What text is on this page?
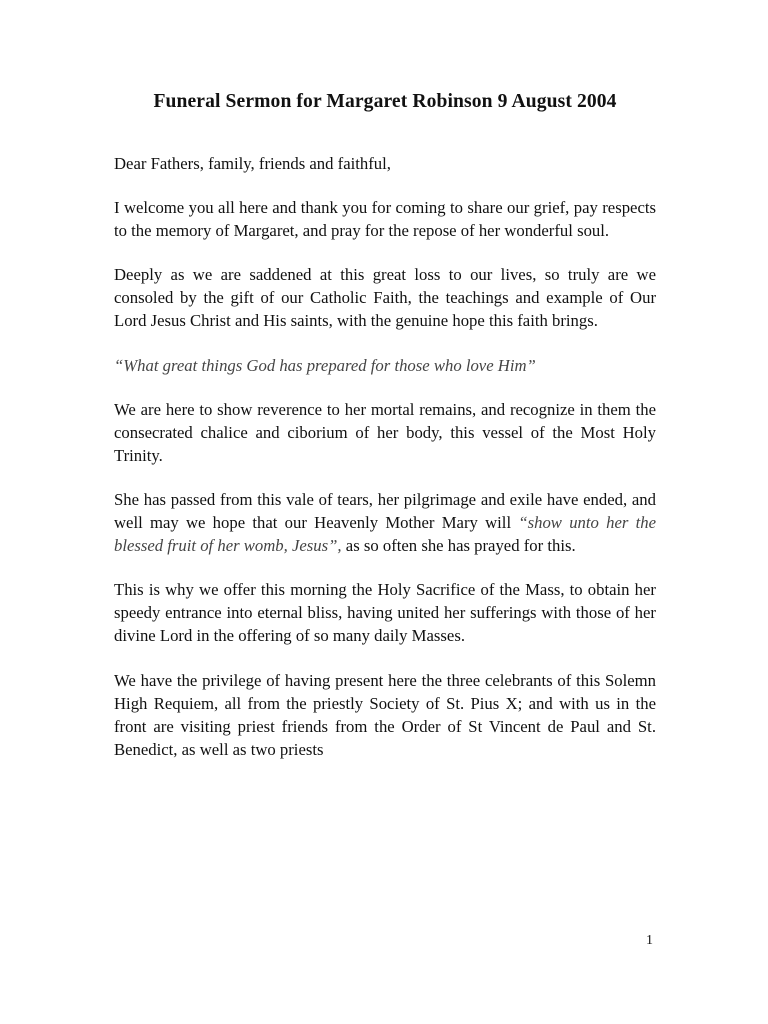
Funeral Sermon for Margaret Robinson 9 August 2004

Dear Fathers, family, friends and faithful,

I welcome you all here and thank you for coming to share our grief, pay respects to the memory of Margaret, and pray for the repose of her wonderful soul.

Deeply as we are saddened at this great loss to our lives, so truly are we consoled by the gift of our Catholic Faith, the teachings and example of Our Lord Jesus Christ and His saints, with the genuine hope this faith brings.

“What great things God has prepared for those who love Him”

We are here to show reverence to her mortal remains, and recognize in them the consecrated chalice and ciborium of her body, this vessel of the Most Holy Trinity.

She has passed from this vale of tears, her pilgrimage and exile have ended, and well may we hope that our Heavenly Mother Mary will “show unto her the blessed fruit of her womb, Jesus”, as so often she has prayed for this.

This is why we offer this morning the Holy Sacrifice of the Mass, to obtain her speedy entrance into eternal bliss, having united her sufferings with those of her divine Lord in the offering of so many daily Masses.

We have the privilege of having present here the three celebrants of this Solemn High Requiem, all from the priestly Society of St. Pius X; and with us in the front are visiting priest friends from the Order of St Vincent de Paul and St. Benedict, as well as two priests

1
